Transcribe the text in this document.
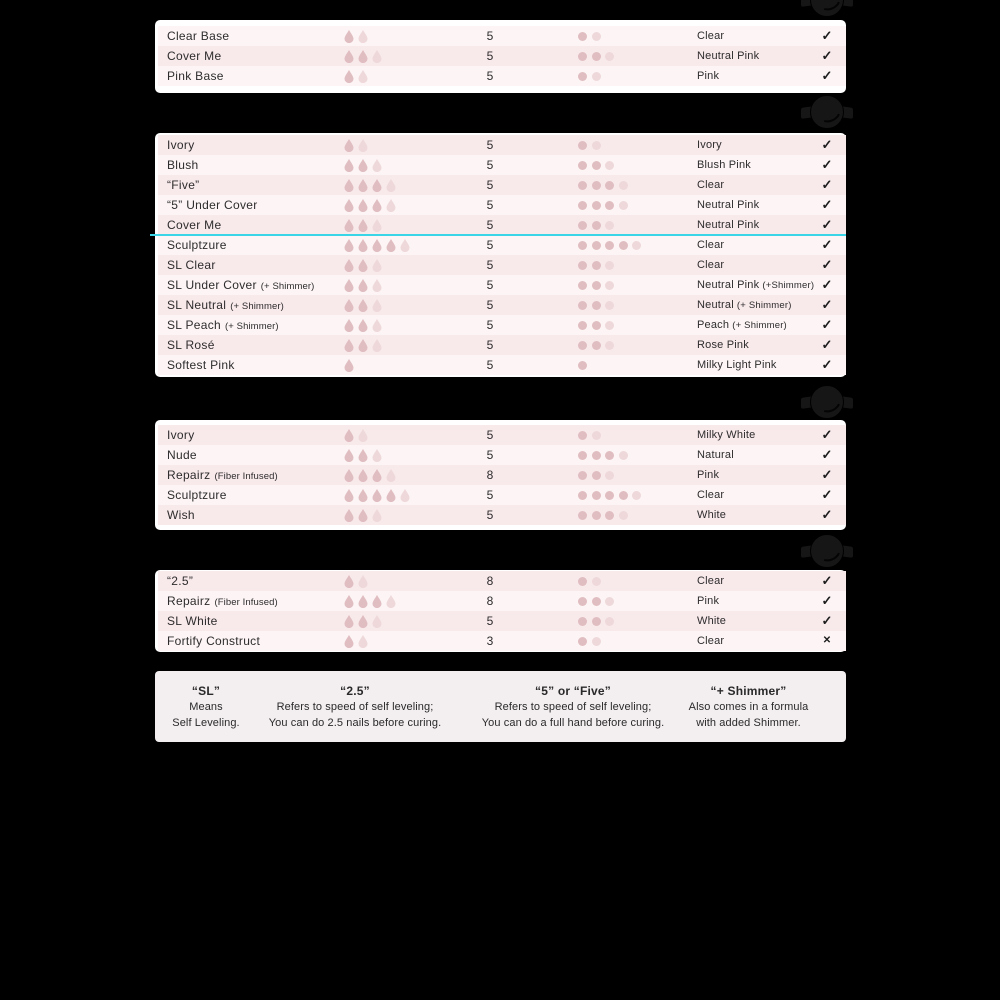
Clear Base	5	Clear	✓
Cover Me	5	Neutral Pink	✓
Pink Base	5	Pink	✓
Ivory	5	Ivory	✓
Blush	5	Blush Pink	✓
“Five”	5	Clear	✓
“5” Under Cover	5	Neutral Pink	✓
Cover Me	5	Neutral Pink	✓
Sculptzure	5	Clear	✓
SL Clear	5	Clear	✓
SL Under Cover (+ Shimmer)	5	Neutral Pink (+Shimmer) ✓
SL Neutral (+ Shimmer)	5	Neutral (+ Shimmer)	✓
SL Peach (+ Shimmer)	5	Peach (+ Shimmer)	✓
SL Rosé	5	Rose Pink	✓
Softest Pink	5	Milky Light Pink	✓
Ivory	5	Milky White	✓
Nude	5	Natural	✓
Repairz (Fiber Infused)	8	Pink	✓
Sculptzure	5	Clear	✓
Wish	5	White	✓
“2.5”	8	Clear	✓
Repairz (Fiber Infused)	8	Pink	✓
SL White	5	White	✓
Fortify Construct	3	Clear	✕
“SL”
Means
Self Leveling.
“2.5”
Refers to speed of self leveling;
You can do 2.5 nails before curing.
“5” or “Five”
Refers to speed of self leveling;
You can do a full hand before curing.
“+ Shimmer”
Also comes in a formula
with added Shimmer.
